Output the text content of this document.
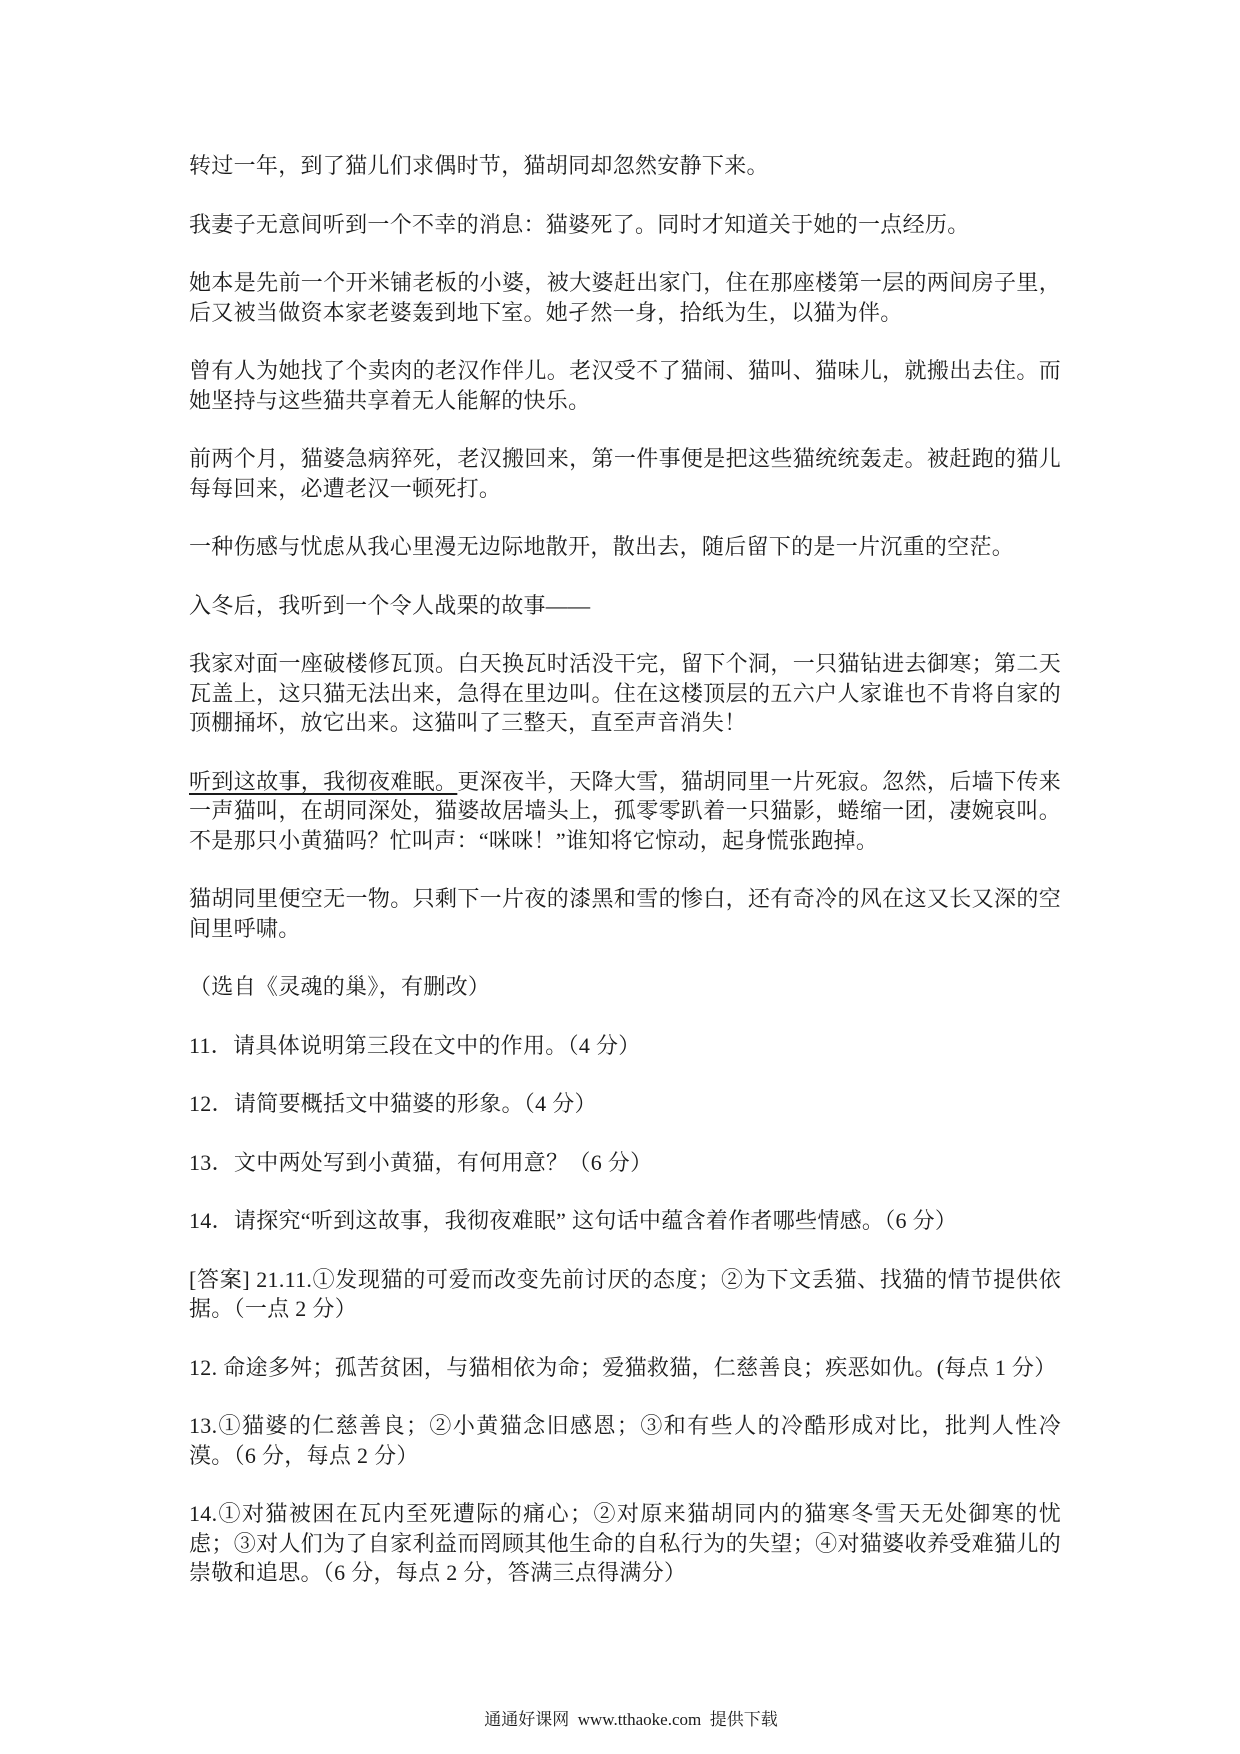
转过一年，到了猫儿们求偶时节，猫胡同却忽然安静下来。

我妻子无意间听到一个不幸的消息：猫婆死了。同时才知道关于她的一点经历。

她本是先前一个开米铺老板的小婆，被大婆赶出家门，住在那座楼第一层的两间房子里，后又被当做资本家老婆轰到地下室。她孑然一身，拾纸为生，以猫为伴。

曾有人为她找了个卖肉的老汉作伴儿。老汉受不了猫闹、猫叫、猫味儿，就搬出去住。而她坚持与这些猫共享着无人能解的快乐。

前两个月，猫婆急病猝死，老汉搬回来，第一件事便是把这些猫统统轰走。被赶跑的猫儿每每回来，必遭老汉一顿死打。

一种伤感与忧虑从我心里漫无边际地散开，散出去，随后留下的是一片沉重的空茫。

入冬后，我听到一个令人战栗的故事——

我家对面一座破楼修瓦顶。白天换瓦时活没干完，留下个洞，一只猫钻进去御寒；第二天瓦盖上，这只猫无法出来，急得在里边叫。住在这楼顶层的五六户人家谁也不肯将自家的顶棚捅坏，放它出来。这猫叫了三整天，直至声音消失！

听到这故事，我彻夜难眠。更深夜半，天降大雪，猫胡同里一片死寂。忽然，后墙下传来一声猫叫，在胡同深处，猫婆故居墙头上，孤零零趴着一只猫影，蜷缩一团，凄婉哀叫。不是那只小黄猫吗？忙叫声：“咪咪！”谁知将它惊动，起身慌张跑掉。

猫胡同里便空无一物。只剩下一片夜的漆黑和雪的惨白，还有奇冷的风在这又长又深的空间里呼啸。

（选自《灵魂的巢》，有删改）

11．请具体说明第三段在文中的作用。（4 分）

12．请简要概括文中猫婆的形象。（4 分）

13．文中两处写到小黄猫，有何用意？（6 分）

14．请探究“听到这故事，我彻夜难眠” 这句话中蕴含着作者哪些情感。（6 分）

[答案] 21.11.①发现猫的可爱而改变先前讨厌的态度；②为下文丢猫、找猫的情节提供依据。（一点 2 分）

12. 命途多舛；孤苦贫困，与猫相依为命；爱猫救猫，仁慈善良；疾恶如仇。(每点 1 分）

13.①猫婆的仁慈善良；②小黄猫念旧感恩；③和有些人的冷酷形成对比，批判人性冷漠。（6 分，每点 2 分）

14.①对猫被困在瓦内至死遭际的痛心；②对原来猫胡同内的猫寒冬雪天无处御寒的忧虑；③对人们为了自家利益而罔顾其他生命的自私行为的失望；④对猫婆收养受难猫儿的崇敬和追思。（6 分，每点 2 分，答满三点得满分）

通通好课网  www.tthaoke.com  提供下载
